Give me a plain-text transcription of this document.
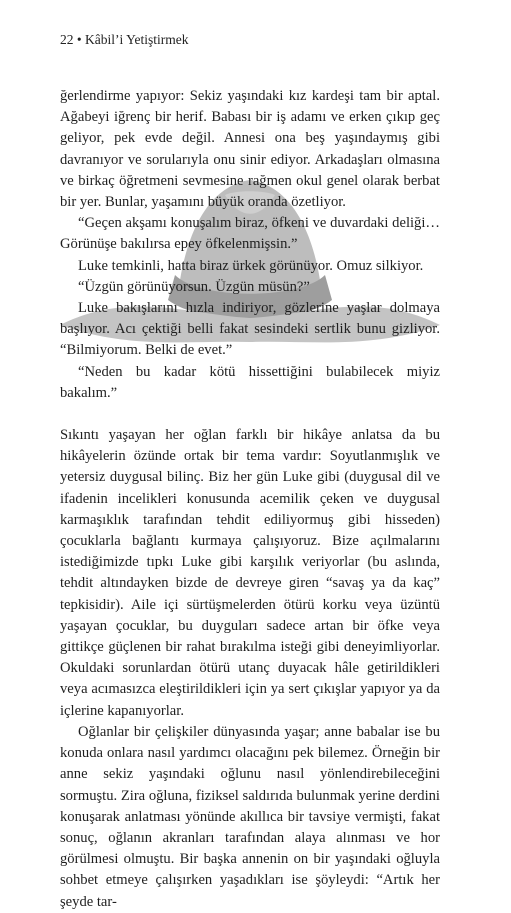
22 • Kâbil’i Yetiştirmek

ğerlendirme yapıyor: Sekiz yaşındaki kız kardeşi tam bir aptal. Ağabeyi iğrenç bir herif. Babası bir iş adamı ve erken çıkıp geç geliyor, pek evde değil. Annesi ona beş yaşındaymış gibi davranıyor ve sorularıyla onu sinir ediyor. Arkadaşları olmasına ve birkaç öğretmeni sevmesine rağmen okul genel olarak berbat bir yer. Bunlar, yaşamını büyük oranda özetliyor.

“Geçen akşamı konuşalım biraz, öfkeni ve duvardaki deliği… Görünüşe bakılırsa epey öfkelenmişsin.”

Luke temkinli, hatta biraz ürkek görünüyor. Omuz silkiyor.

“Üzgün görünüyorsun. Üzgün müsün?”

Luke bakışlarını hızla indiriyor, gözlerine yaşlar dolmaya başlıyor. Acı çektiği belli fakat sesindeki sertlik bunu gizliyor. “Bilmiyorum. Belki de evet.”

“Neden bu kadar kötü hissettiğini bulabilecek miyiz bakalım.”

Sıkıntı yaşayan her oğlan farklı bir hikâye anlatsa da bu hikâyelerin özünde ortak bir tema vardır: Soyutlanmışlık ve yetersiz duygusal bilinç. Biz her gün Luke gibi (duygusal dil ve ifadenin incelikleri konusunda acemilik çeken ve duygusal karmaşıklık tarafından tehdit ediliyormuş gibi hisseden) çocuklarla bağlantı kurmaya çalışıyoruz. Bize açılmalarını istediğimizde tıpkı Luke gibi karşılık veriyorlar (bu aslında, tehdit altındayken bizde de devreye giren “savaş ya da kaç” tepkisidir). Aile içi sürtüşmelerden ötürü korku veya üzüntü yaşayan çocuklar, bu duyguları sadece artan bir öfke veya gittikçe güçlenen bir rahat bırakılma isteği gibi deneyimliyorlar. Okuldaki sorunlardan ötürü utanç duyacak hâle getirildikleri veya acımasızca eleştirildikleri için ya sert çıkışlar yapıyor ya da içlerine kapanıyorlar.

Oğlanlar bir çelişkiler dünyasında yaşar; anne babalar ise bu konuda onlara nasıl yardımcı olacağını pek bilemez. Örneğin bir anne sekiz yaşındaki oğlunu nasıl yönlendirebileceğini sormuştu. Zira oğluna, fiziksel saldırıda bulunmak yerine derdini konuşarak anlatması yönünde akıllıca bir tavsiye vermişti, fakat sonuç, oğlanın akranları tarafından alaya alınması ve hor görülmesi olmuştu. Bir başka annenin on bir yaşındaki oğluyla sohbet etmeye çalışırken yaşadıkları ise şöyleydi: “Artık her şeyde tar-
